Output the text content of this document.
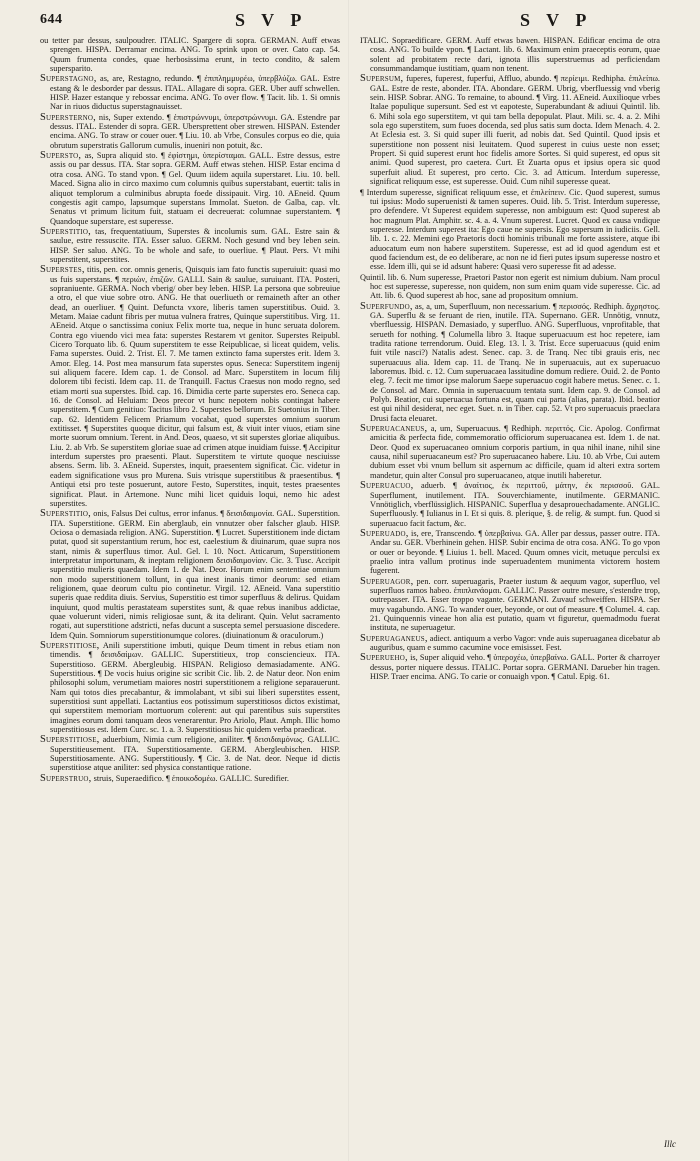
644	S V P	S V P

ou tetter par dessus, saulpoudrer. ITALIC. Spargere di sopra. GERMAN. Auff etwas sprengen. HISPA. Derramar encima. ANG. To sprink upon or over. Cato cap. 54. Quum frumenta condes, quae herbosissima erunt, in tecto condito, & salem supersparito.

Superstagno, as, are, Restagno, redundo. ¶ ἐπιπλημμυρέω, ὑπερβλύζω. GAL. Estre estang & le desborder par dessus. ITAL. Allagare di sopra. GER. Uber auff schwellen. HISP. Hazer estanque y rebossar encima. ANG. To over flow. ¶ Tacit. lib. 1. Si omnis Nar in riuos diductus superstagnauisset.

Supersterno, nis, Super extendo. ¶ ἐπιστρώννυμι, ὑπερστρώννυμι. GA. Estendre par dessus. ITAL. Estender di sopra. GER. Ubersprettent ober strewen. HISPAN. Estender encima. ANG. To straw or couer ouer. ¶ Liu. 10. ab Vrbe, Consules corpus eo die, quia obrutum superstratis Gallorum cumulis, inueniri non potuit, &c.

Supersto, as, Supra aliquid sto. ¶ ἐφίστημι, ὑπερίσταμαι. GALL. Estre dessus, estre assis ou par dessus. ITA. Star sopra. GERM. Auff etwas stehen. HISP. Estar encima d otra cosa. ANG. To stand vpon. ¶ Gel. Quum iidem aquila superstaret. Liu. 10. bell. Maced. Signa alio in circo maximo cum columnis quibus superstabant, euertit: talis in aliquot templorum a culminibus abrupta foede dissipauit. Virg. 10. AEneid. Quum congestis agit campo, lapsumque superstans Immolat. Sueton. de Galba, cap. vlt. Senatus vt primum licitum fuit, statuam ei decreuerat: columnae superstantem. ¶ Quandoque superstare, est superesse.

Superstitio, tas, frequentatiuum, Superstes & incolumis sum. GAL. Estre sain & saulue, estre ressuscite. ITA. Esser saluo. GERM. Noch gesund vnd bey leben sein. HISP. Ser saluo. ANG. To be whole and safe, to ouerliue. ¶ Plaut. Pers. Vt mihi superstitent, superstites.

Superstes, titis, pen. cor. omnis generis, Quisquis iam fato functis superuiuit: quasi mo us fuis superstans. ¶ περιὼν, ἐπιζῶν. GALLI. Sain & saulue, suruiuant. ITA. Posteri, sopraniuente. GERMA. Noch vberig/ ober bey leben. HISP. La persona que sobreuiue a otro, el que viue sobre otro. ANG. He that ouerliueth or remaineth after an other dead, an ouerliuer. ¶ Quint. Defuncta vxore, liberis tamen superstitibus. Ouid. 3. Metam. Maiae cadunt fibris per mutua vulnera fratres, Quinque superstitibus. Virg. 11. AEneid. Atque o sanctissima coniux Felix morte tua, neque in hunc seruata dolorem. Contra ego viuendo vici mea fata: superstes Restarem vt genitor. Superstes Reipubl. Cicero Torquato lib. 6. Quum superstitem te esse Reipublicae, si liceat quidem, velis. Fama superstes. Ouid. 2. Trist. El. 7. Me tamen extincto fama superstes erit. Idem 3. Amor. Eleg. 14. Post mea mansurum fata superstes opus. Seneca: Superstitem ingenij sui aliquem facere. Idem cap. 1. de Consol. ad Marc. Superstitem in locum filij dolorem tibi fecisti. Idem cap. 11. de Tranquill. Factus Craesus non modo regno, sed etiam morti sua superstes. Ibid. cap. 16. Dimidia certe parte superstes ero. Seneca cap. 16. de Consol. ad Heluiam: Deos precor vt hunc nepotem nobis contingat habere superstitem. ¶ Cum genitiuo: Tacitus libro 2. Superstes bellorum. Et Suetonius in Tiber. cap. 62. Identidem Felicem Priamum vocabat, quod superstes omnium suorum extitisset. ¶ Superstites quoque dicitur, qui falsum est, & viuit inter viuos, etiam sine morte suorum omnium. Terent. in And. Deos, quaeso, vt sit superstes gloriae aliquibus. Liu. 2. ab Vrb. Se superstitem gloriae suae ad crimen atque inuidiam fuisse. ¶ Accipitur interdum superstes pro praesenti. Plaut. Superstitem te virtute quoque nesciuisse absens. Serm. lib. 3. AEneid. Superstes, inquit, praesentem significat. Cic. videtur in eadem significatione vsus pro Murena. Suis vtrisque superstitibus & praesentibus. ¶ Antiqui etsi pro teste posuerunt, autore Festo, Superstites, inquit, testes praesentes significat. Plaut. in Artemone. Nunc mihi licet quiduis loqui, nemo hic adest superstites.

Superstitio, onis, Falsus Dei cultus, error infanus. ¶ δεισιδαιμονία. GAL. Superstition. ITA. Superstitione. GERM. Ein aberglaub, ein vnnutzer ober falscher glaub. HISP. Ociosa o demasiada religion. ANG. Superstition. ¶ Lucret. Superstitionem inde dictam putat, quod sit superstantium rerum, hoc est, caelestium & diuinarum, quae supra nos stant, nimis & superfluus timor. Aul. Gel. l. 10. Noct. Atticarum, Superstitionem interpretatur importunam, & ineptam religionem δεισιδαιμονίαν. Cic. 3. Tusc. Accipit superstitio mulieris quaedam. Idem 1. de Nat. Deor. Horum enim sententiae omnium non modo superstitionem tollunt, in qua inest inanis timor deorum: sed etiam religionem, quae deorum cultu pio continetur. Virgil. 12. AEneid. Vana superstitio superis quae reddita diuis. Servius, Superstitio est timor superfluus & delirus. Quidam inquiunt, quod multis perastateam superstites sunt, & quae rebus inanibus addictae, quae voluerunt videri, nimis religiosae sunt, & ita delirant. Quin. Velut sacramento rogati, aut superstitione adstricti, nefas ducunt a suscepta semel persuasione discedere. Idem Quin. Somniorum superstitionumque colores. (diuinationum & oraculorum.)

Superstitiose, Anili superstitione imbuti, quique Deum timent in rebus etiam non timendis. ¶ δεισιδαίμων. GALLIC. Superstitieux, trop consciencieux. ITA. Superstitioso. GERM. Abergleubig. HISPAN. Religioso demasiadamente. ANG. Superstitious. ¶ De vocis huius origine sic scribit Cic. lib. 2. de Natur deor. Non enim philosophi solum, verumetiam maiores nostri superstitionem a religione separauerunt. Nam qui totos dies precabantur, & immolabant, vt sibi sui liberi superstites essent, superstitiosi sunt appellati. Lactantius eos potissimum superstitiosos dictos existimat, qui superstitem memoriam mortuorum colerent: aut qui parentibus suis superstites imagines eorum domi tanquam deos venerarentur. Pro Ariolo, Plaut. Amph. Illic homo superstitiosus est. Idem Curc. sc. 1. a. 3. Superstitiosus hic quidem verba praedicat.

Superstitiose, aduerbium, Nimia cum religione, aniliter. ¶ δεισιδαιμόνως. GALLIC. Superstitieusement. ITA. Superstitiosamente. GERM. Abergleubischen. HISP. Superstitiosamente. ANG. Superstitiously. ¶ Cic. 3. de Nat. deor. Neque id dictis superstitiose atque aniliter: sed physica constantique ratione.

Superstruo, struis, Superaedifico. ¶ ἐποικοδομέω. GALLIC. Suredifier.

ITALIC. Sopraedificare. GERM. Auff etwas bawen. HISPAN. Edificar encima de otra cosa. ANG. To builde vpon. ¶ Lactant. lib. 6. Maximum enim praeceptis eorum, quae solent ad probitatem recte dari, ignota illis superstruemus ad perficiendam consummandamque iustitiam, quam non tenent.

Supersum, fuperes, fuperest, fuperfui, Affluo, abundo. ¶ περίειμι. Redhipha. ἐπιλείπω. GAL. Estre de reste, abonder. ITA. Abondare. GERM. Ubrig, vberfluessig vnd vberig sein. HISP. Sobrar. ANG. To remaine, to abound. ¶ Virg. 11. AEneid. Auxilioque vrbes Italae populique supersunt. Sed est vt eapoteste, Superabundant & adiuui Quintil. lib. 6. Mihi sola ego superstitem, vt qui tam bella depopulat. Plaut. Mili. sc. 4. a. 2. Mihi sola ego superstitem, sum fuoes docenda, sed plus satis sum docta. Idem Menach. 4. 2. At Eclesia est. 3. Si quid super illi fuerit, ad nobis dat. Sed Quintil. Quod ipsis et superstitione non possent nisi leuitatem. Quod superest in cuius ueste non esset; Propert. Si quid superest erunt hoc fidelis amore Sortes. Si quid superest, ed opus sit animi. Quod superest, pro caetera. Curt. Et Zuarta opus et ipsius opera sic quod superfuit aliud. Et superest, pro certo. Cic. 3. ad Atticum. Interdum superesse, significat reliquum esse, est superesse. Ouid. Cum nihil superesse queat.

¶ Interdum superesse, significat reliquum esse, et ἐπιλείπειν. Cic. Quod superest, sumus tui ipsius: Modo superuenisti & tamen superes. Ouid. lib. 5. Trist. Interdum superesse, pro defendere. Vt Superest equidem superesse, non ambiguum est: Quod superest ab hoc magnum Plat. Amphitr. sc. 4. a. 4. Vnum superest. Lucret. Quod ex causa vndique superesse. Interdum superest ita: Ego caue ne supersis. Ego supersum in iudiciis. Gell. lib. 1. c. 22. Memini ego Praetoris docti hominis tribunali me forte assistere, atque ibi aduocatum eum non habere superstitem. Superesse, est ad id quod agendum est et quod faciendum est, de eo deliberare, ac non ne id fieri putes ipsum superesse nostro et esse. Idem illi, qui se id adsunt habere: Quasi vero superesse fit ad adesse.

Quintil. lib. 6. Num superesse, Praetori Pastor non egerit est nimium dubium. Nam procul hoc est superesse, superesse, non quidem, non sum enim quam vide superesse. Cic. ad Att. lib. 6. Quod superest ab hoc, sane ad propositum omnium.

Superfundo, as, a, um, Superfluum, non necessarium. ¶ περισσός. Redhiph. ἄχρηστος. GA. Superflu & se feruant de rien, inutile. ITA. Supernano. GER. Unnötig, vnnutz, vberfluessig. HISPAN. Demasiado, y superfluo. ANG. Superfluous, vnprofitable, that serueth for nothing. ¶ Columella libro 3. Itaque superuacuum est hoc repetere, iam tradita ratione terrendorum. Ouid. Eleg. 13. l. 3. Trist. Ecce superuacuus (quid enim fuit vtile nasci?) Natalis adest. Senec. cap. 3. de Tranq. Nec tibi grauis eris, nec superuacuus alia. Idem cap. 11. de Tranq. Ne in superuacuis, aut ex superuacuo laboremus. Ibid. c. 12. Cum superuacaea lassitudine domum rediere. Ouid. 2. de Ponto eleg. 7. fecit me timor ipse malorum Saepe superuacuo cogit habere metus. Senec. c. 1. de Consol. ad Marc. Omnia in superuacuum tentata sunt. Idem cap. 9. de Consol. ad Polyb. Beatior, cui superuacua fortuna est, quam cui parta (alias, parata). Ibid. beatior est qui nihil desiderat, nec eget. Suet. n. in Tiber. cap. 52. Vt pro superuacuis praeclara Drusi facta eleuaret.

Superuacaneus, a, um, Superuacuus. ¶ Redhiph. περιττός. Cic. Apolog. Confirmat amicitia & perfecta fide, commemoratio officiorum superuacanea est. Idem 1. de nat. Deor. Quod ex superuacaneo omnium corporis partium, in qua nihil inane, nihil sine causa, nihil superuacaneum est? Pro superuacaneo habere. Liu. 10. ab Vrbe, Cui autem dubium esset vbi vnum bellum sit aspernum ac difficile, quam id alteri extra sortem mandetur, quin alter Consul pro superuacaneo, atque inutili haberetur.

Superuacuo, aduerb. ¶ ἀναίτιος, ἐκ περιττοῦ, μάτην, ἐκ περισσοῦ. GAL. Superflument, inutilement. ITA. Souverchiamente, inutilmente. GERMANIC. Vnnötiglich, vberflüssiglich. HISPANIC. Superflua y desaprouechadamente. ANGLIC. Superfluously. ¶ Iulianus in I. Et si quis. 8. plerique, §. de relig. & sumpt. fun. Quod si superuacuo facit factum, &c.

Superuado, is, ere, Transcendo. ¶ ὑπερβαίνω. GA. Aller par dessus, passer outre. ITA. Andar su. GER. Vberhinein gehen. HISP. Subir encima de otra cosa. ANG. To go vpon or ouer or beyonde. ¶ Liuius 1. bell. Maced. Quum omnes vicit, metuque perculsi ex praelio intra vallum protinus inde superuadentem munimenta victorem hostem fugerent.

Superuagor, pen. corr. superuagaris, Praeter iustum & aequum vagor, superfluo, vel superfluos ramos habeo. ἐπιπλανάομαι. GALLIC. Passer outre mesure, s'estendre trop, outrepasser. ITA. Esser troppo vagante. GERMANI. Zuvauf schweiffen. HISPA. Ser muy vagabundo. ANG. To wander ouer, beyonde, or out of measure. ¶ Columel. 4. cap. 21. Quinquennis vineae hon alia est putatio, quam vt figuretur, quemadmodu fuerat instituta, ne superuagetur.

Superuaganeus, adiect. antiquum a verbo Vagor: vnde auis superuaganea dicebatur ab auguribus, quam e summo cacumine voce emisisset. Fest.

Superueho, is, Super aliquid veho. ¶ ὑπεροχέω, ὑπερβαίνω. GALL. Porter & charroyer dessus, porter niquere dessus. ITALIC. Portar sopra. GERMANI. Darueber hin tragen. HISP. Traer encima. ANG. To carie or conuaigh vpon. ¶ Catul. Epig. 61.

Illc
